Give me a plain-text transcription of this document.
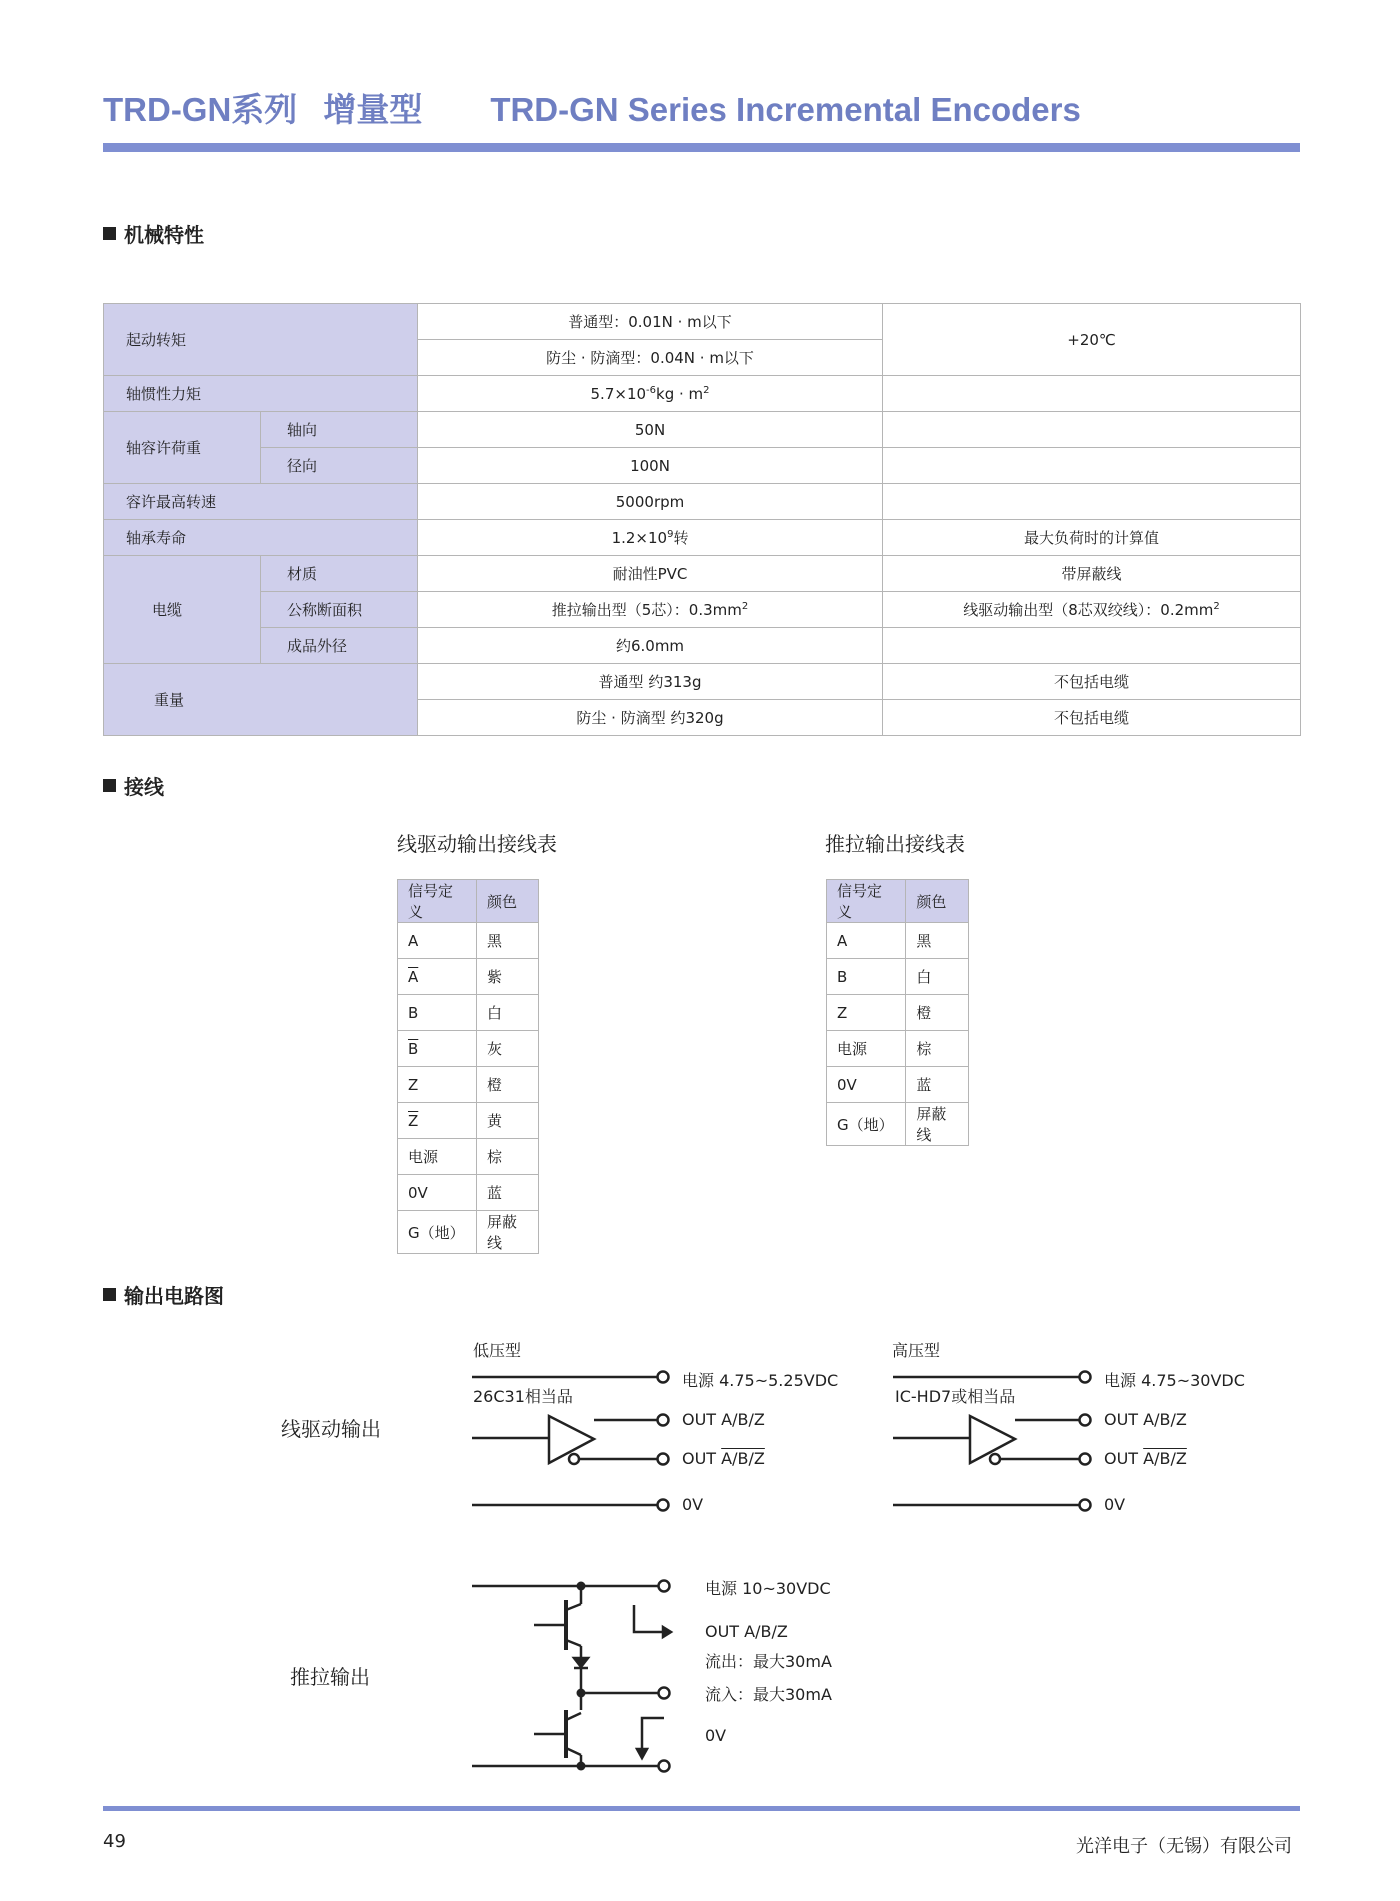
TRD-GN系列 增量型 TRD-GN Series Incremental Encoders
机械特性
起动转矩		普通型：0.01N · m以下	+20℃
		防尘 · 防滴型：0.04N · m以下	
轴惯性力矩		$5.7\times 10^{-6}kg \cdot m^2$	
轴容许荷重	轴向	50N	
	径向	100N	
容许最高转速		5000rpm	
轴承寿命		$1.2\times 10^9$转	最大负荷时的计算值
电缆	材质	耐油性PVC	带屏蔽线
	公称断面积	推拉输出型（5芯）：$0.3mm^2$	线驱动输出型（8芯双绞线）：$0.2mm^2$
	成品外径	约6.0mm	
重量		普通型 约313g	不包括电缆
		防尘 · 防滴型 约320g	不包括电缆
接线
线驱动输出接线表	推拉输出接线表
信号定义	颜色
A	黑
$\overline{A}$	紫
B	白
$\overline{B}$	灰
Z	橙
$\overline{Z}$	黄
电源	棕
0V	蓝
G（地）	屏蔽线
信号定义	颜色
A	黑
B	白
Z	橙
电源	棕
0V	蓝
G（地）	屏蔽线
输出电路图
线驱动输出
推拉输出
低压型
26C31相当品
电源 4.75~5.25VDC
OUT A/B/Z
OUT A/B/Z
0V
高压型
IC-HD7或相当品
电源 4.75~30VDC
OUT A/B/Z
OUT A/B/Z
0V
电源 10~30VDC
OUT A/B/Z
流出：最大30mA
流入：最大30mA
0V
49	光洋电子（无锡）有限公司
